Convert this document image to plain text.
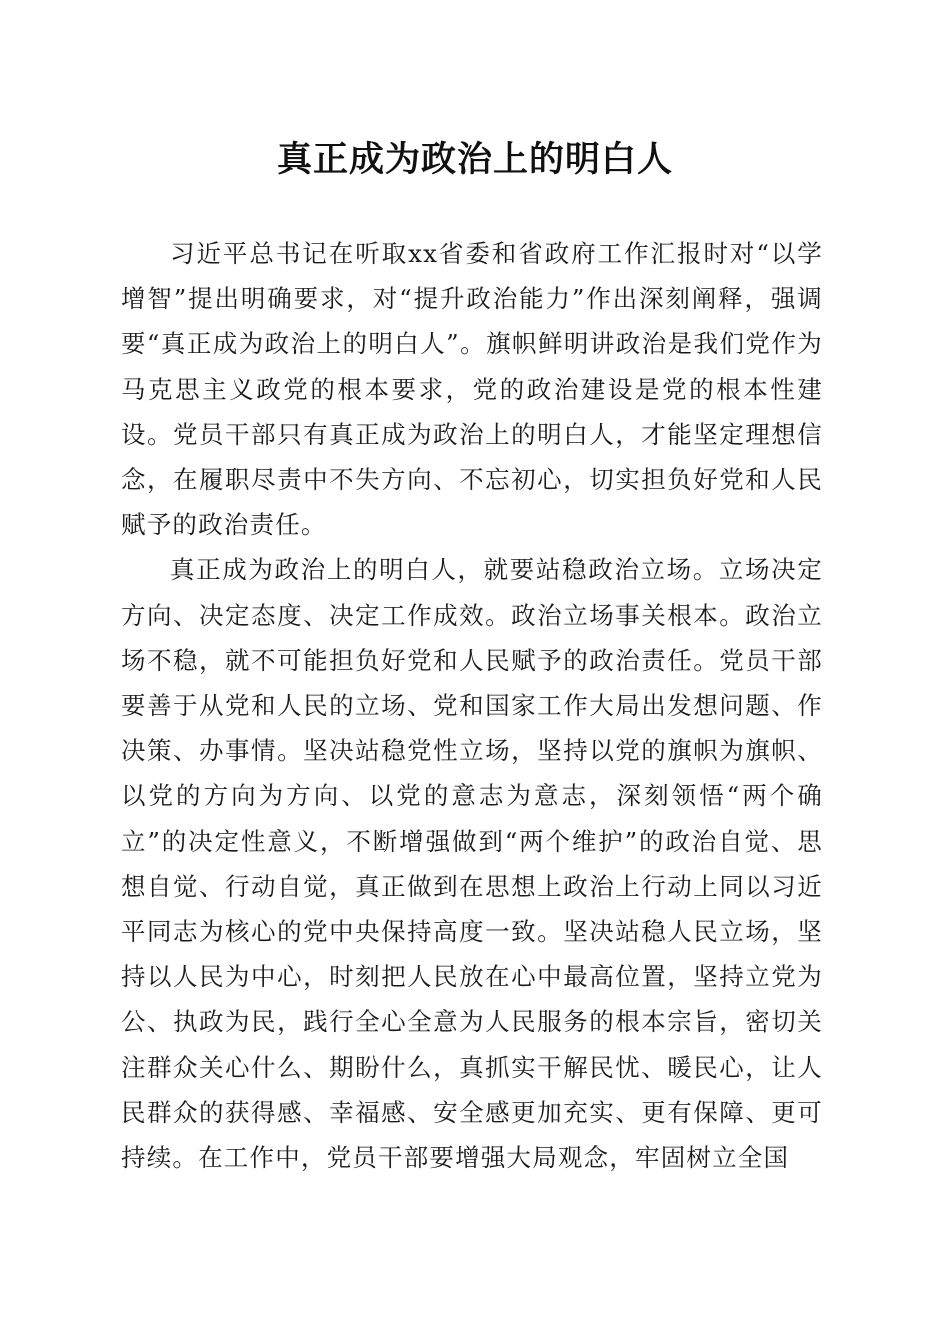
真正成为政治上的明白人

习近平总书记在听取xx省委和省政府工作汇报时对“以学增智”提出明确要求，对“提升政治能力”作出深刻阐释，强调要“真正成为政治上的明白人”。旗帜鲜明讲政治是我们党作为马克思主义政党的根本要求，党的政治建设是党的根本性建设。党员干部只有真正成为政治上的明白人，才能坚定理想信念，在履职尽责中不失方向、不忘初心，切实担负好党和人民赋予的政治责任。

真正成为政治上的明白人，就要站稳政治立场。立场决定方向、决定态度、决定工作成效。政治立场事关根本。政治立场不稳，就不可能担负好党和人民赋予的政治责任。党员干部要善于从党和人民的立场、党和国家工作大局出发想问题、作决策、办事情。坚决站稳党性立场，坚持以党的旗帜为旗帜、以党的方向为方向、以党的意志为意志，深刻领悟“两个确立”的决定性意义，不断增强做到“两个维护”的政治自觉、思想自觉、行动自觉，真正做到在思想上政治上行动上同以习近平同志为核心的党中央保持高度一致。坚决站稳人民立场，坚持以人民为中心，时刻把人民放在心中最高位置，坚持立党为公、执政为民，践行全心全意为人民服务的根本宗旨，密切关注群众关心什么、期盼什么，真抓实干解民忧、暖民心，让人民群众的获得感、幸福感、安全感更加充实、更有保障、更可持续。在工作中，党员干部要增强大局观念，牢固树立全国
